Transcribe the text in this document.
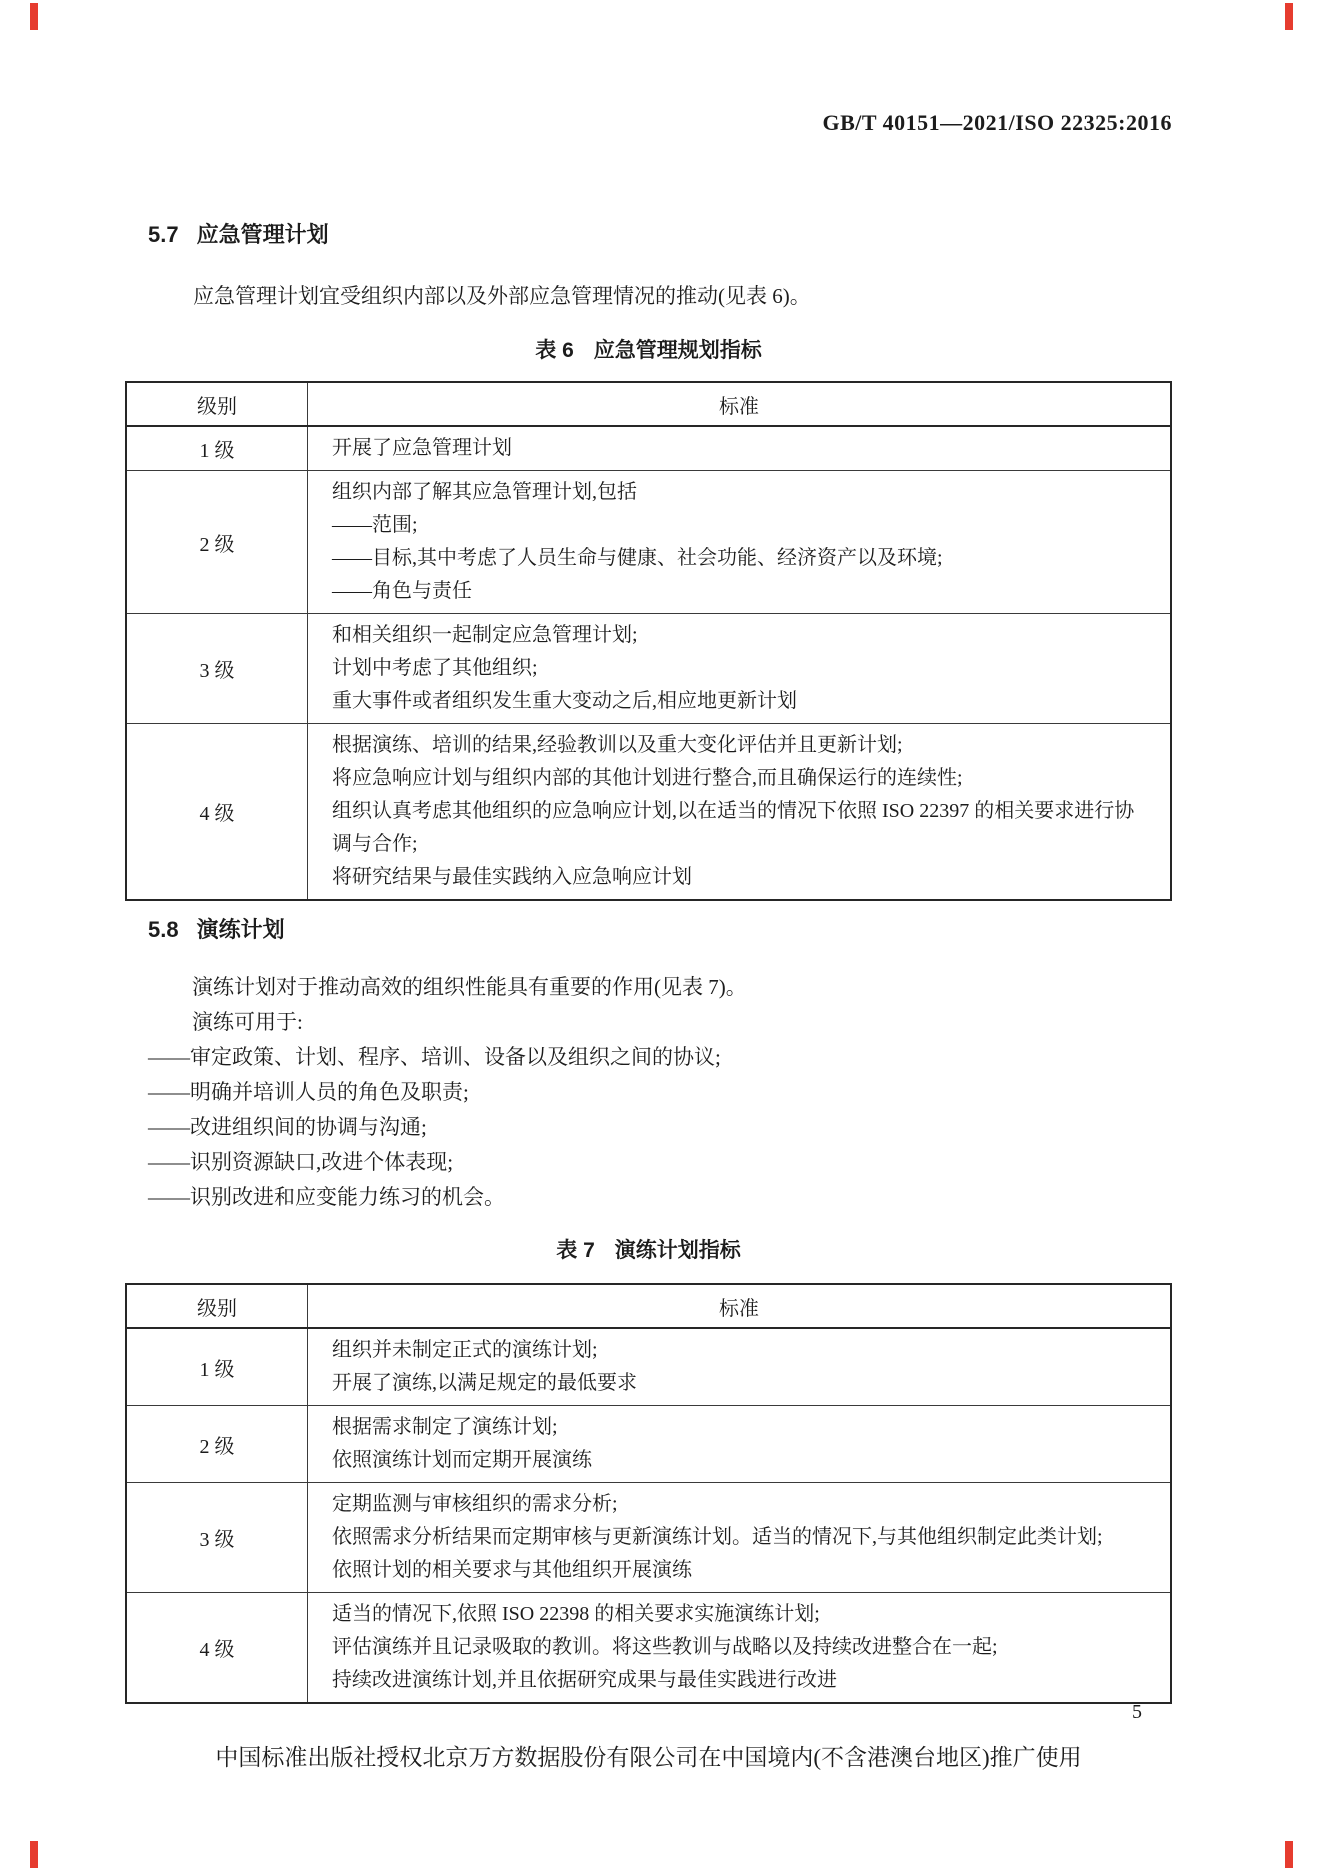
GB/T 40151—2021/ISO 22325:2016
5.7 应急管理计划
应急管理计划宜受组织内部以及外部应急管理情况的推动(见表 6)。
表 6 应急管理规划指标
级别	标准
1 级	开展了应急管理计划

2 级	组织内部了解其应急管理计划,包括
——范围;
——目标,其中考虑了人员生命与健康、社会功能、经济资产以及环境;
——角色与责任

3 级	和相关组织一起制定应急管理计划;
计划中考虑了其他组织;
重大事件或者组织发生重大变动之后,相应地更新计划

4 级	根据演练、培训的结果,经验教训以及重大变化评估并且更新计划;
将应急响应计划与组织内部的其他计划进行整合,而且确保运行的连续性;
组织认真考虑其他组织的应急响应计划,以在适当的情况下依照 ISO 22397 的相关要求进行协调与合作;
将研究结果与最佳实践纳入应急响应计划
5.8 演练计划
演练计划对于推动高效的组织性能具有重要的作用(见表 7)。
演练可用于:
——审定政策、计划、程序、培训、设备以及组织之间的协议;
——明确并培训人员的角色及职责;
——改进组织间的协调与沟通;
——识别资源缺口,改进个体表现;
——识别改进和应变能力练习的机会。
表 7 演练计划指标
级别	标准
1 级	组织并未制定正式的演练计划;
开展了演练,以满足规定的最低要求

2 级	根据需求制定了演练计划;
依照演练计划而定期开展演练

3 级	定期监测与审核组织的需求分析;
依照需求分析结果而定期审核与更新演练计划。适当的情况下,与其他组织制定此类计划;
依照计划的相关要求与其他组织开展演练

4 级	适当的情况下,依照 ISO 22398 的相关要求实施演练计划;
评估演练并且记录吸取的教训。将这些教训与战略以及持续改进整合在一起;
持续改进演练计划,并且依据研究成果与最佳实践进行改进
5
中国标准出版社授权北京万方数据股份有限公司在中国境内(不含港澳台地区)推广使用
